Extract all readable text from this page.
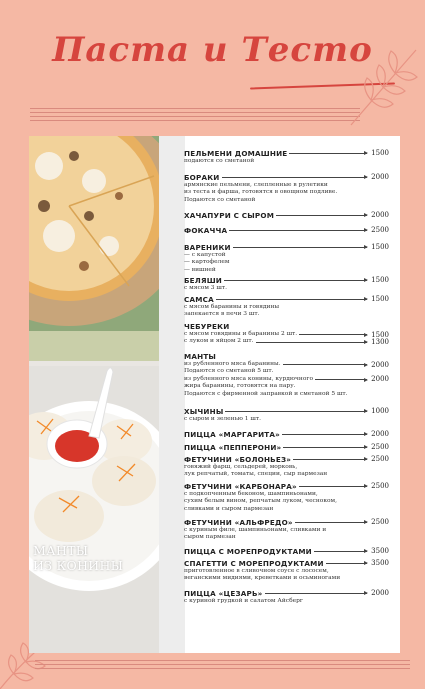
Паста и Тесто
МАНТЫ
ИЗ КОНИНЫ
ПЕЛЬМЕНИ ДОМАШНИЕ	1500
подаются со сметаной
БОРАКИ	2000
армянские пельмени, слепленные в рулетики
из теста и фарша, готовятся в овощном подливе.
Подаются со сметаной
ХАЧАПУРИ С СЫРОМ	2000
ФОКАЧЧА	2500
ВАРЕНИКИ	1500
— с капустой
— картофелем
— вишней
БЕЛЯШИ	1500
с мясом 3 шт.
САМСА	1500
с мясом баранины и говядины
запекается в печи 3 шт.
ЧЕБУРЕКИ
с мясом говядины и баранины 2 шт.	1500
с луком и яйцом 2 шт.	1300
МАНТЫ
из рубленного мяса баранины.	2000
Подаются со сметаной 5 шт.
из рубленного мяса конины, курдючного	2000
жира баранины, готовятся на пару.
Подаются с фирменной заправкой и сметаной 5 шт.
ХЫЧИНЫ	1000
с сыром и зеленью 1 шт.
ПИЦЦА «МАРГАРИТА»	2000
ПИЦЦА «ПЕППЕРОНИ»	2500
ФЕТУЧИНИ «БОЛОНЬЕЗ»	2500
говяжий фарш, сельдерей, морковь,
лук репчатый, томаты, специи, сыр пармезан
ФЕТУЧИНИ «КАРБОНАРА»	2500
с подкопченным беконом, шампиньонами,
сухим белым вином, репчатым луком, чесноком,
сливками и сыром пармезан
ФЕТУЧИНИ «АЛЬФРЕДО»	2500
с куриным филе, шампиньонами, сливками и
сыром пармезан
ПИЦЦА С МОРЕПРОДУКТАМИ	3500
СПАГЕТТИ С МОРЕПРОДУКТАМИ	3500
приготовленное в сливочном соусе с лососем,
веганскими мидиями, креветками и осьминогами
ПИЦЦА «ЦЕЗАРЬ»	2000
с куриной грудкой и салатом Айсберг
